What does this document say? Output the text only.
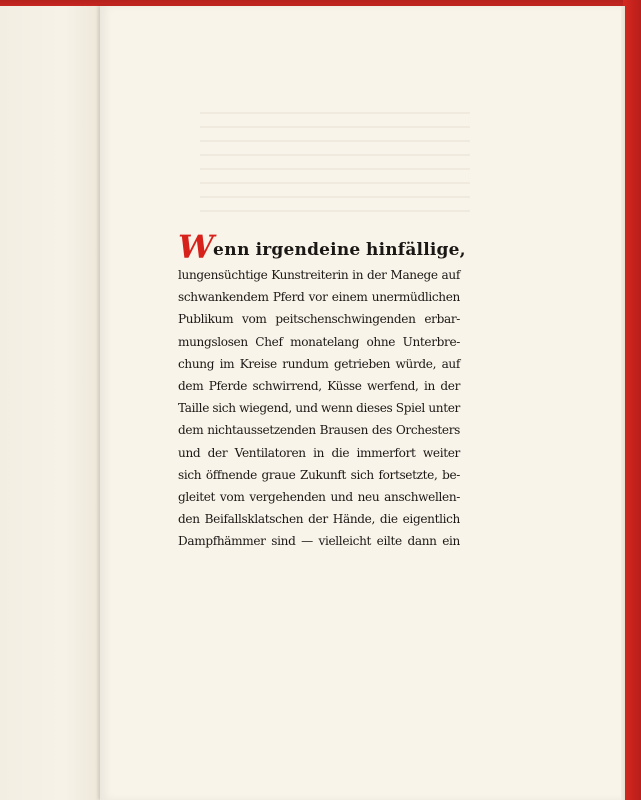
Wenn irgendeine hinfällige,
lungensüchtige Kunstreiterin in der Manege auf
schwankendem Pferd vor einem unermüdlichen
Publikum vom peitschenschwingenden erbar-
mungslosen Chef monatelang ohne Unterbre-
chung im Kreise rundum getrieben würde, auf
dem Pferde schwirrend, Küsse werfend, in der
Taille sich wiegend, und wenn dieses Spiel unter
dem nichtaussetzenden Brausen des Orchesters
und der Ventilatoren in die immerfort weiter
sich öffnende graue Zukunft sich fortsetzte, be-
gleitet vom vergehenden und neu anschwellen-
den Beifallsklatschen der Hände, die eigentlich
Dampfhämmer sind — vielleicht eilte dann ein
